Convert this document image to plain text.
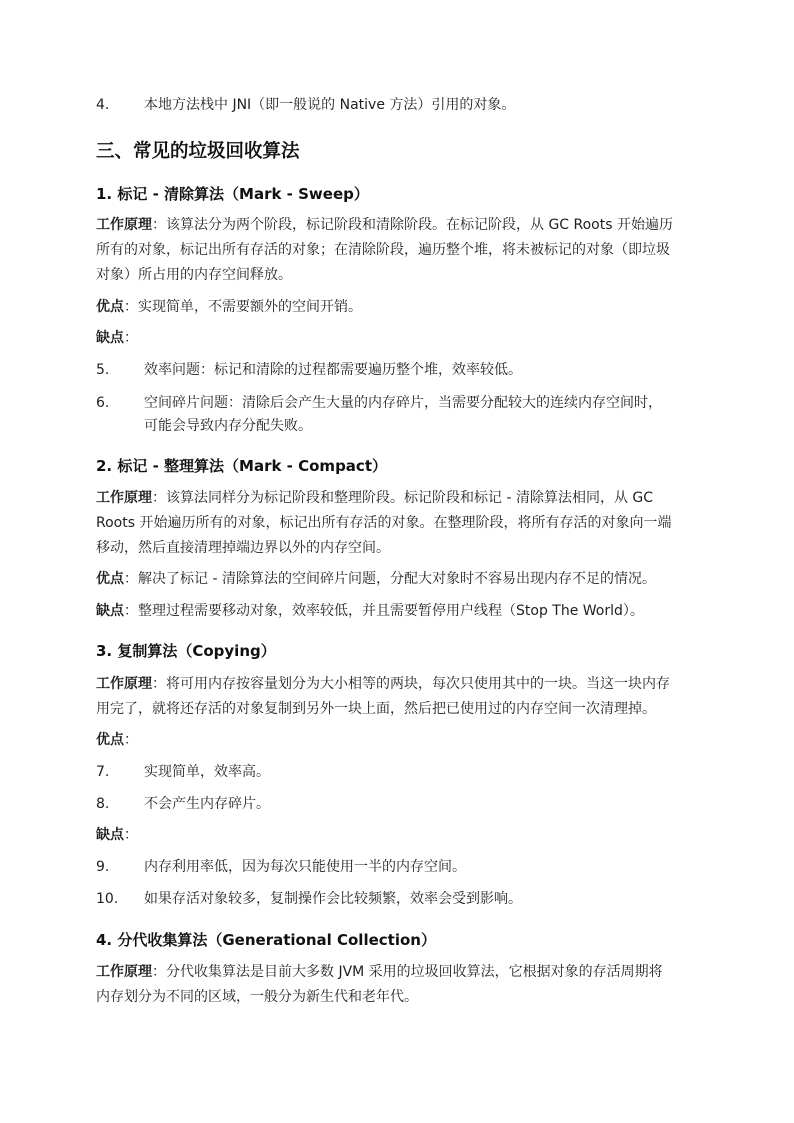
4. 本地方法栈中 JNI（即一般说的 Native 方法）引用的对象。
三、常见的垃圾回收算法
1. 标记 - 清除算法（Mark - Sweep）
工作原理：该算法分为两个阶段，标记阶段和清除阶段。在标记阶段，从 GC Roots 开始遍历
所有的对象，标记出所有存活的对象；在清除阶段，遍历整个堆，将未被标记的对象（即垃圾
对象）所占用的内存空间释放。
优点：实现简单，不需要额外的空间开销。
缺点：
5. 效率问题：标记和清除的过程都需要遍历整个堆，效率较低。
6. 空间碎片问题：清除后会产生大量的内存碎片，当需要分配较大的连续内存空间时，
可能会导致内存分配失败。
2. 标记 - 整理算法（Mark - Compact）
工作原理：该算法同样分为标记阶段和整理阶段。标记阶段和标记 - 清除算法相同，从 GC
Roots 开始遍历所有的对象，标记出所有存活的对象。在整理阶段，将所有存活的对象向一端
移动，然后直接清理掉端边界以外的内存空间。
优点：解决了标记 - 清除算法的空间碎片问题，分配大对象时不容易出现内存不足的情况。
缺点：整理过程需要移动对象，效率较低，并且需要暂停用户线程（Stop The World）。
3. 复制算法（Copying）
工作原理：将可用内存按容量划分为大小相等的两块，每次只使用其中的一块。当这一块内存
用完了，就将还存活的对象复制到另外一块上面，然后把已使用过的内存空间一次清理掉。
优点：
7. 实现简单，效率高。
8. 不会产生内存碎片。
缺点：
9. 内存利用率低，因为每次只能使用一半的内存空间。
10. 如果存活对象较多，复制操作会比较频繁，效率会受到影响。
4. 分代收集算法（Generational Collection）
工作原理：分代收集算法是目前大多数 JVM 采用的垃圾回收算法，它根据对象的存活周期将
内存划分为不同的区域，一般分为新生代和老年代。
